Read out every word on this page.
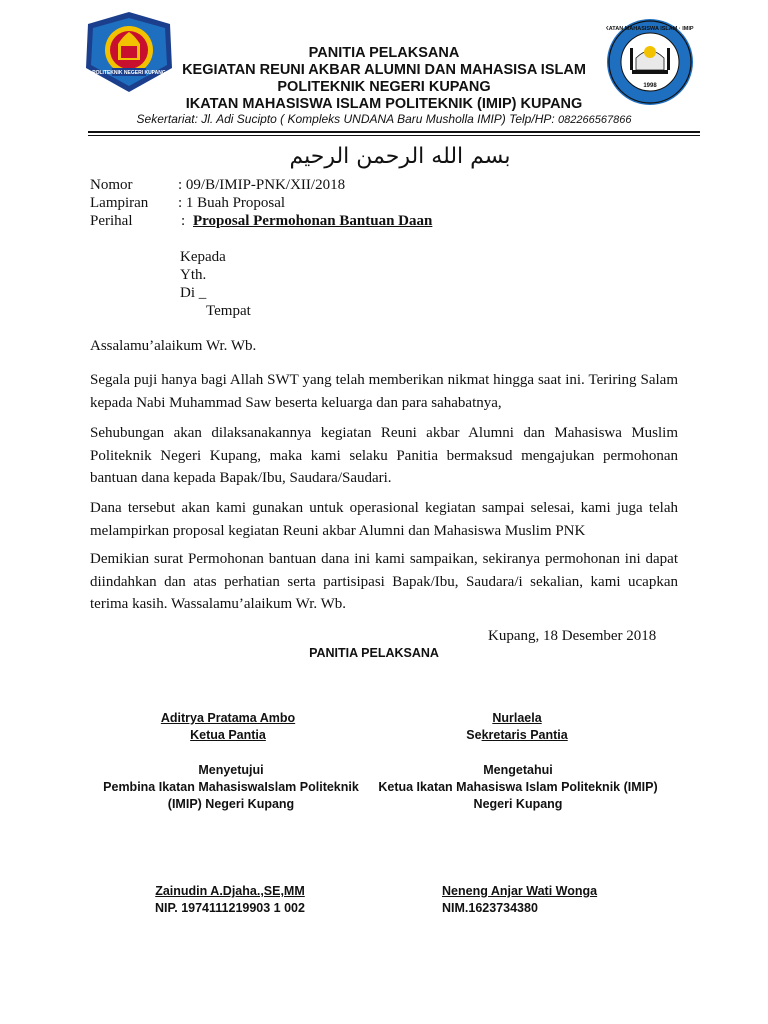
POLITEKNIK NEGERI KUPANG
1998
IKATAN MAHASISWA ISLAM · IMIP ·
PANITIA PELAKSANA
KEGIATAN REUNI AKBAR ALUMNI DAN MAHASISA ISLAM
POLITEKNIK NEGERI KUPANG
IKATAN MAHASISWA ISLAM POLITEKNIK (IMIP) KUPANG
Sekertariat: Jl. Adi Sucipto ( Kompleks UNDANA Baru Musholla IMIP) Telp/HP: 082266567866
بسم الله الرحمن الرحيم
Nomor	: 09/B/IMIP-PNK/XII/2018
Lampiran : 1 Buah Proposal
Perihal	: Proposal Permohonan Bantuan Daan
Kepada
Yth.
Di _
Tempat
Assalamu’alaikum Wr. Wb.

Segala puji hanya bagi Allah SWT yang telah memberikan nikmat hingga saat ini. Teriring Salam kepada Nabi Muhammad Saw beserta keluarga dan para sahabatnya,

Sehubungan akan dilaksanakannya kegiatan Reuni akbar Alumni dan Mahasiswa Muslim Politeknik Negeri Kupang, maka kami selaku Panitia bermaksud mengajukan permohonan bantuan dana kepada Bapak/Ibu, Saudara/Saudari.

Dana tersebut akan kami gunakan untuk operasional kegiatan sampai selesai, kami juga telah melampirkan proposal kegiatan Reuni akbar Alumni dan Mahasiswa Muslim PNK

Demikian surat Permohonan bantuan dana ini kami sampaikan, sekiranya permohonan ini dapat diindahkan dan atas perhatian serta partisipasi Bapak/Ibu, Saudara/i sekalian, kami ucapkan terima kasih. Wassalamu’alaikum Wr. Wb.

Kupang, 18 Desember 2018
PANITIA PELAKSANA
Aditrya Pratama Ambo
Ketua Pantia
Nurlaela
Sekretaris Pantia
Menyetujui
Pembina Ikatan MahasiswaIslam Politeknik
(IMIP) Negeri Kupang
Mengetahui
Ketua Ikatan Mahasiswa Islam Politeknik (IMIP)
Negeri Kupang
Zainudin A.Djaha.,SE,MM
NIP. 1974111219903 1 002
Neneng Anjar Wati Wonga
NIM.1623734380
